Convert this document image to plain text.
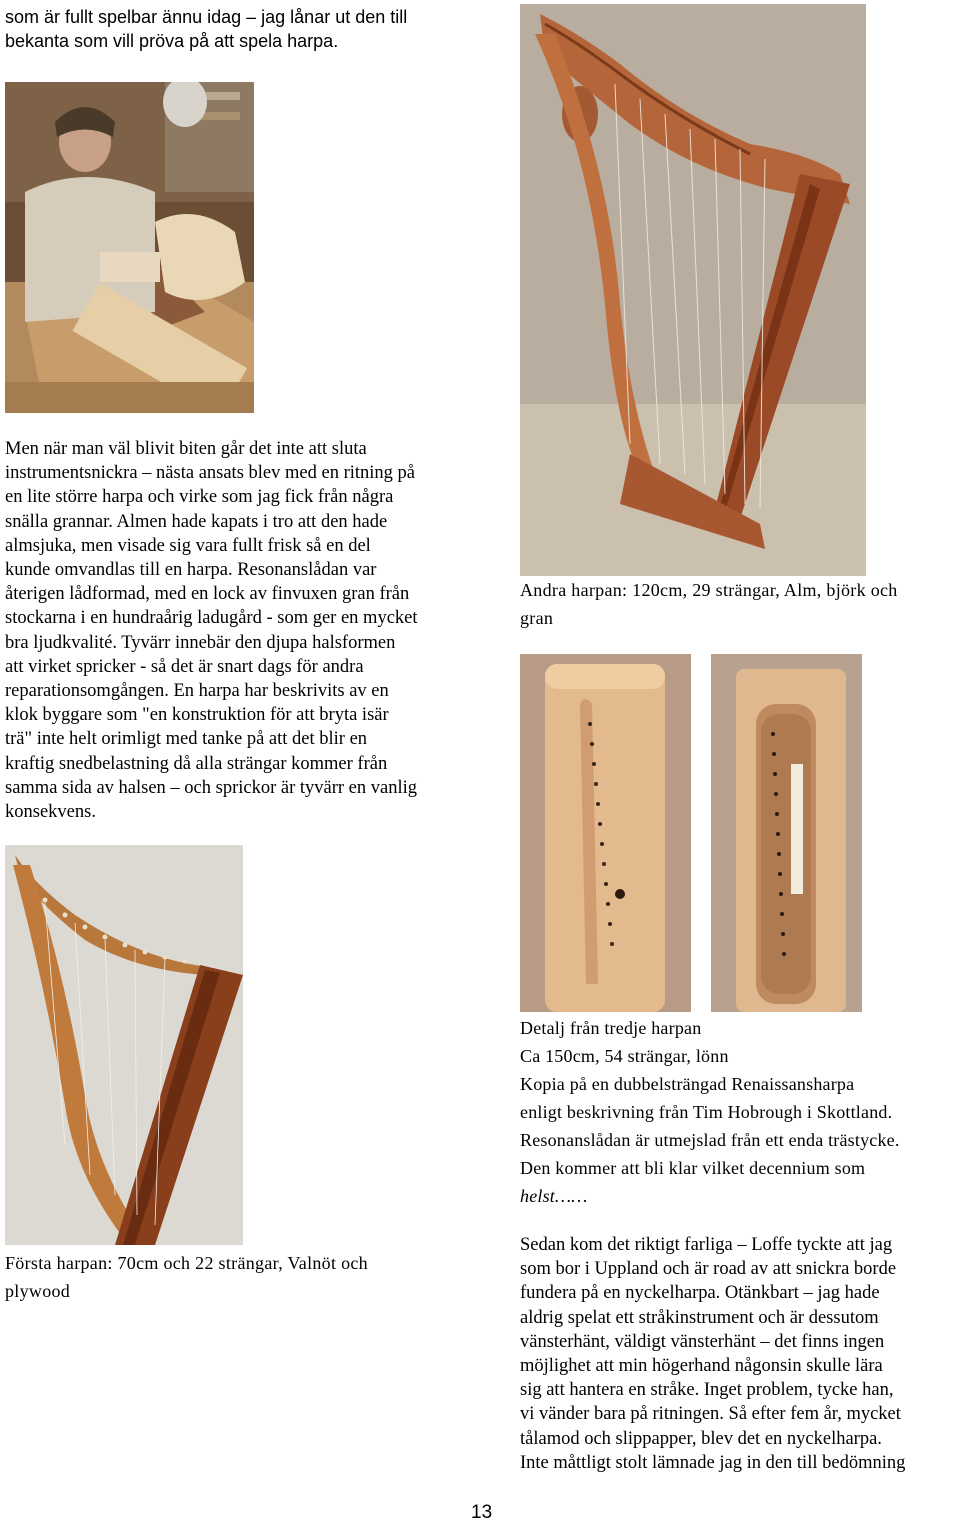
som är fullt spelbar ännu idag – jag lånar ut den till
bekanta som vill pröva på att spela harpa.
Men när man väl blivit biten går det inte att sluta
instrumentsnickra – nästa ansats blev med en ritning på
en lite större harpa och virke som jag fick från några
snälla grannar. Almen hade kapats i tro att den hade
almsjuka, men visade sig vara fullt frisk så en del
kunde omvandlas till en harpa. Resonanslådan var
återigen lådformad, med en lock av finvuxen gran från
stockarna i en hundraårig ladugård - som ger en mycket
bra ljudkvalité. Tyvärr innebär den djupa halsformen
att virket spricker - så det är snart dags för andra
reparationsomgången. En harpa har beskrivits av en
klok byggare som "en konstruktion för att bryta isär
trä" inte helt orimligt med tanke på att det blir en
kraftig snedbelastning då alla strängar kommer från
samma sida av halsen – och sprickor är tyvärr en vanlig
konsekvens.
Andra harpan: 120cm, 29 strängar, Alm, björk och
gran
Detalj från tredje harpan
Ca 150cm, 54 strängar, lönn
Kopia på en dubbelsträngad Renaissansharpa
enligt beskrivning från Tim Hobrough i Skottland.
Resonanslådan är utmejslad från ett enda trästycke.
Den kommer att bli klar vilket decennium som
helst……
Första harpan: 70cm och 22 strängar, Valnöt och
plywood
Sedan kom det riktigt farliga – Loffe tyckte att jag
som bor i Uppland och är road av att snickra borde
fundera på en nyckelharpa. Otänkbart – jag hade
aldrig spelat ett stråkinstrument och är dessutom
vänsterhänt, väldigt vänsterhänt – det finns ingen
möjlighet att min högerhand någonsin skulle lära
sig att hantera en stråke. Inget problem, tycke han,
vi vänder bara på ritningen. Så efter fem år, mycket
tålamod och slippapper, blev det en nyckelharpa.
Inte måttligt stolt lämnade jag in den till bedömning
13
